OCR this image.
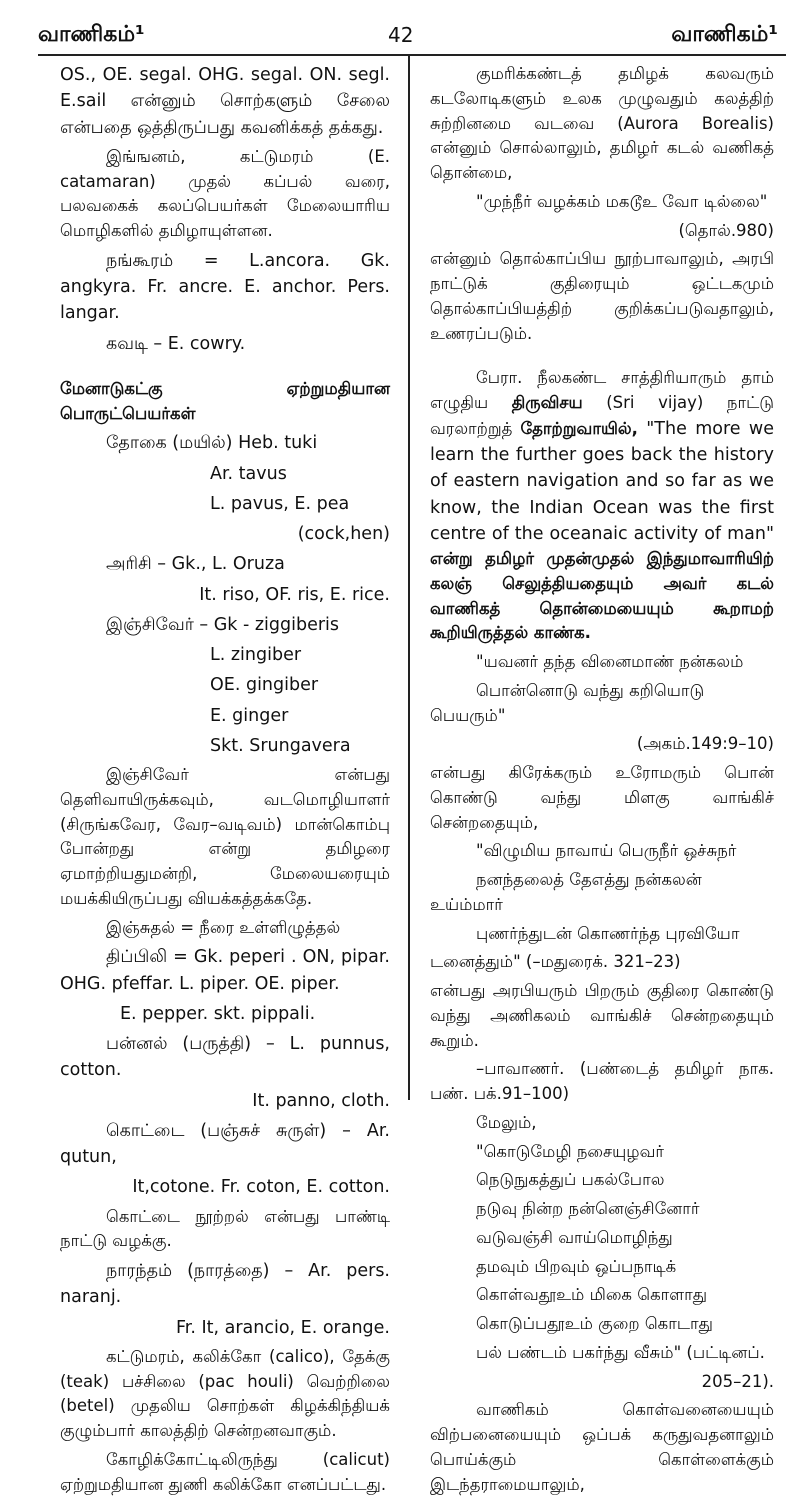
வாணிகம்¹	42	வாணிகம்¹

OS., OE. segal. OHG. segal. ON. segl. E.sail என்னும் சொற்களும் சேலை என்பதை ஒத்திருப்பது கவனிக்கத் தக்கது.

இங்ஙனம், கட்டுமரம் (E. catamaran) முதல் கப்பல் வரை, பலவகைக் கலப்பெயர்கள் மேலையாரிய மொழிகளில் தமிழாயுள்ளன.

நங்கூரம் = L.ancora. Gk. angkyra. Fr. ancre. E. anchor. Pers. langar.

கவடி – E. cowry.

மேனாடுகட்கு ஏற்றுமதியான பொருட்பெயர்கள்

தோகை (மயில்) Heb. tuki

Ar. tavus

L. pavus, E. pea

(cock,hen)

அரிசி – Gk., L. Oruza

It. riso, OF. ris, E. rice.

இஞ்சிவேர் – Gk - ziggiberis

L. zingiber

OE. gingiber

E. ginger

Skt. Srungavera

இஞ்சிவேர் என்பது தெளிவாயிருக்கவும், வடமொழியாளர் (சிருங்கவேர, வேர–வடிவம்) மான்கொம்பு போன்றது என்று தமிழரை ஏமாற்றியதுமன்றி, மேலையரையும் மயக்கியிருப்பது வியக்கத்தக்கதே.

இஞ்சுதல் = நீரை உள்ளிழுத்தல்

திப்பிலி = Gk. peperi . ON, pipar. OHG. pfeffar. L. piper. OE. piper.

E. pepper. skt. pippali.

பன்னல் (பருத்தி) – L. punnus, cotton.

It. panno, cloth.

கொட்டை (பஞ்சுச் சுருள்) – Ar. qutun,

It,cotone. Fr. coton, E. cotton.

கொட்டை நூற்றல் என்பது பாண்டி நாட்டு வழக்கு.

நாரந்தம் (நாரத்தை) – Ar. pers. naranj.

Fr. It, arancio, E. orange.

கட்டுமரம், கலிக்கோ (calico), தேக்கு (teak) பச்சிலை (pac houli) வெற்றிலை (betel) முதலிய சொற்கள் கிழக்கிந்தியக் குழும்பார் காலத்திற் சென்றனவாகும்.

கோழிக்கோட்டிலிருந்து (calicut) ஏற்றுமதியான துணி கலிக்கோ எனப்பட்டது.

குமரிக்கண்டத் தமிழக் கலவரும் கடலோடிகளும் உலக முழுவதும் கலத்திற் சுற்றினமை வடவை (Aurora Borealis) என்னும் சொல்லாலும், தமிழர் கடல் வணிகத் தொன்மை,

"முந்நீர் வழக்கம் மகடூஉ வோ டில்லை"

(தொல்.980)

என்னும் தொல்காப்பிய நூற்பாவாலும், அரபி நாட்டுக் குதிரையும் ஒட்டகமும் தொல்காப்பியத்திற் குறிக்கப்படுவதாலும், உணரப்படும்.

பேரா. நீலகண்ட சாத்திரியாரும் தாம் எழுதிய திருவிசய (Sri vijay) நாட்டு வரலாற்றுத் தோற்றுவாயில், "The more we learn the further goes back the history of eastern navigation and so far as we know, the Indian Ocean was the first centre of the oceanaic activity of man" என்று தமிழர் முதன்முதல் இந்துமாவாரியிற் கலஞ் செலுத்தியதையும் அவர் கடல் வாணிகத் தொன்மையையும் கூறாமற் கூறியிருத்தல் காண்க.

"யவனர் தந்த வினைமாண் நன்கலம்

பொன்னொடு வந்து கறியொடு பெயரும்"

(அகம்.149:9–10)

என்பது கிரேக்கரும் உரோமரும் பொன் கொண்டு வந்து மிளகு வாங்கிச் சென்றதையும்,

"விழுமிய நாவாய் பெருநீர் ஒச்சுநர்

நனந்தலைத் தேஎத்து நன்கலன் உய்ம்மார்

புணர்ந்துடன் கொணர்ந்த புரவியோ

டனைத்தும்" (–மதுரைக். 321–23)

என்பது அரபியரும் பிறரும் குதிரை கொண்டு வந்து அணிகலம் வாங்கிச் சென்றதையும் கூறும்.

–பாவாணர். (பண்டைத் தமிழர் நாக. பண். பக்.91–100)

மேலும்,

"கொடுமேழி நசையுழவர்

நெடுநுகத்துப் பகல்போல

நடுவு நின்ற நன்னெஞ்சினோர்

வடுவஞ்சி வாய்மொழிந்து

தமவும் பிறவும் ஒப்பநாடிக்

கொள்வதூஉம் மிகை கொளாது

கொடுப்பதூஉம் குறை கொடாது

பல் பண்டம் பகர்ந்து வீசும்" (பட்டினப்.

205–21).

வாணிகம் கொள்வனையையும் விற்பனையையும் ஒப்பக் கருதுவதனாலும் பொய்க்கும் கொள்ளைக்கும் இடந்தராமையாலும்,
